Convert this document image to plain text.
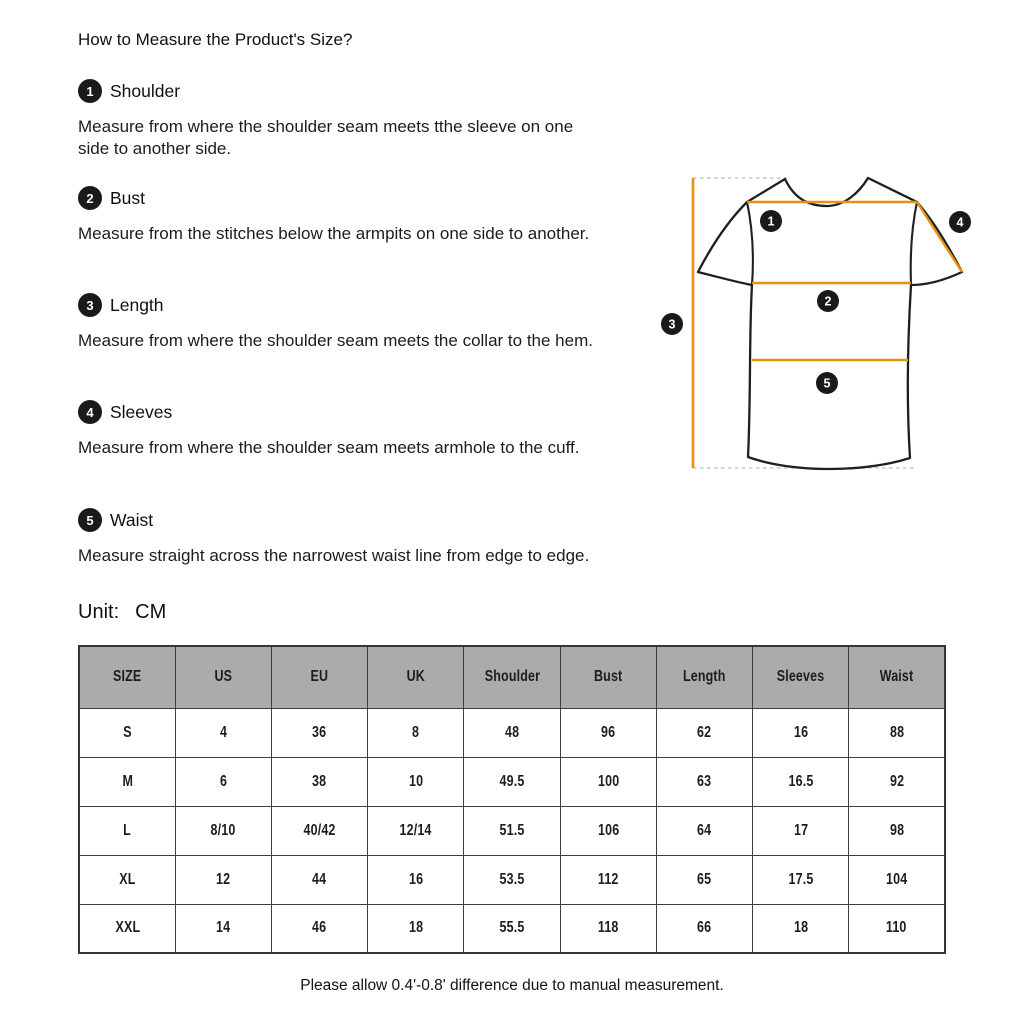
How to Measure the Product's Size?
1 Shoulder

Measure from where the shoulder seam meets tthe sleeve on one side to another side.

2 Bust

Measure from the stitches below the armpits on one side to another.

3 Length

Measure from where the shoulder seam meets the collar to the hem.

4 Sleeves

Measure from where the shoulder seam meets armhole to the cuff.

5 Waist

Measure straight across the narrowest waist line from edge to edge.

1
2
3
4
5
Unit: CM
SIZE	US	EU	UK	Shoulder	Bust	Length	Sleeves	Waist
S	4	36	8	48	96	62	16	88
M	6	38	10	49.5	100	63	16.5	92
L	8/10	40/42	12/14	51.5	106	64	17	98
XL	12	44	16	53.5	112	65	17.5	104
XXL	14	46	18	55.5	118	66	18	110
Please allow 0.4'-0.8' difference due to manual measurement.
